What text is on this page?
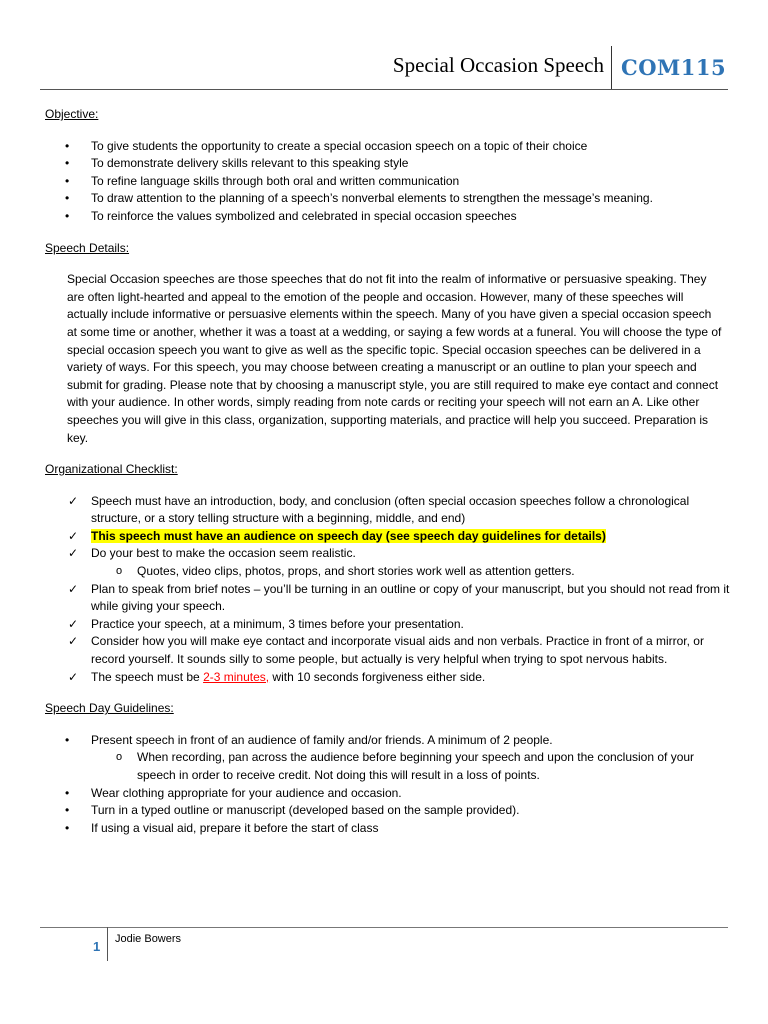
Special Occasion Speech COM115
Objective:
• To give students the opportunity to create a special occasion speech on a topic of their choice
• To demonstrate delivery skills relevant to this speaking style
• To refine language skills through both oral and written communication
• To draw attention to the planning of a speech’s nonverbal elements to strengthen the message’s meaning.
• To reinforce the values symbolized and celebrated in special occasion speeches
Speech Details:

Special Occasion speeches are those speeches that do not fit into the realm of informative or persuasive speaking. They are often light-hearted and appeal to the emotion of the people and occasion. However, many of these speeches will actually include informative or persuasive elements within the speech. Many of you have given a special occasion speech at some time or another, whether it was a toast at a wedding, or saying a few words at a funeral. You will choose the type of special occasion speech you want to give as well as the specific topic. Special occasion speeches can be delivered in a variety of ways. For this speech, you may choose between creating a manuscript or an outline to plan your speech and submit for grading. Please note that by choosing a manuscript style, you are still required to make eye contact and connect with your audience. In other words, simply reading from note cards or reciting your speech will not earn an A. Like other speeches you will give in this class, organization, supporting materials, and practice will help you succeed. Preparation is key.

Organizational Checklist:
✓ Speech must have an introduction, body, and conclusion (often special occasion speeches follow a chronological structure, or a story telling structure with a beginning, middle, and end)
✓ This speech must have an audience on speech day (see speech day guidelines for details)
✓ Do your best to make the occasion seem realistic.
o Quotes, video clips, photos, props, and short stories work well as attention getters.
✓ Plan to speak from brief notes – you’ll be turning in an outline or copy of your manuscript, but you should not read from it while giving your speech.
✓ Practice your speech, at a minimum, 3 times before your presentation.
✓ Consider how you will make eye contact and incorporate visual aids and non verbals. Practice in front of a mirror, or record yourself. It sounds silly to some people, but actually is very helpful when trying to spot nervous habits.
✓ The speech must be 2-3 minutes, with 10 seconds forgiveness either side.
Speech Day Guidelines:
• Present speech in front of an audience of family and/or friends. A minimum of 2 people.
o When recording, pan across the audience before beginning your speech and upon the conclusion of your speech in order to receive credit. Not doing this will result in a loss of points.
• Wear clothing appropriate for your audience and occasion.
• Turn in a typed outline or manuscript (developed based on the sample provided).
• If using a visual aid, prepare it before the start of class
1 Jodie Bowers
